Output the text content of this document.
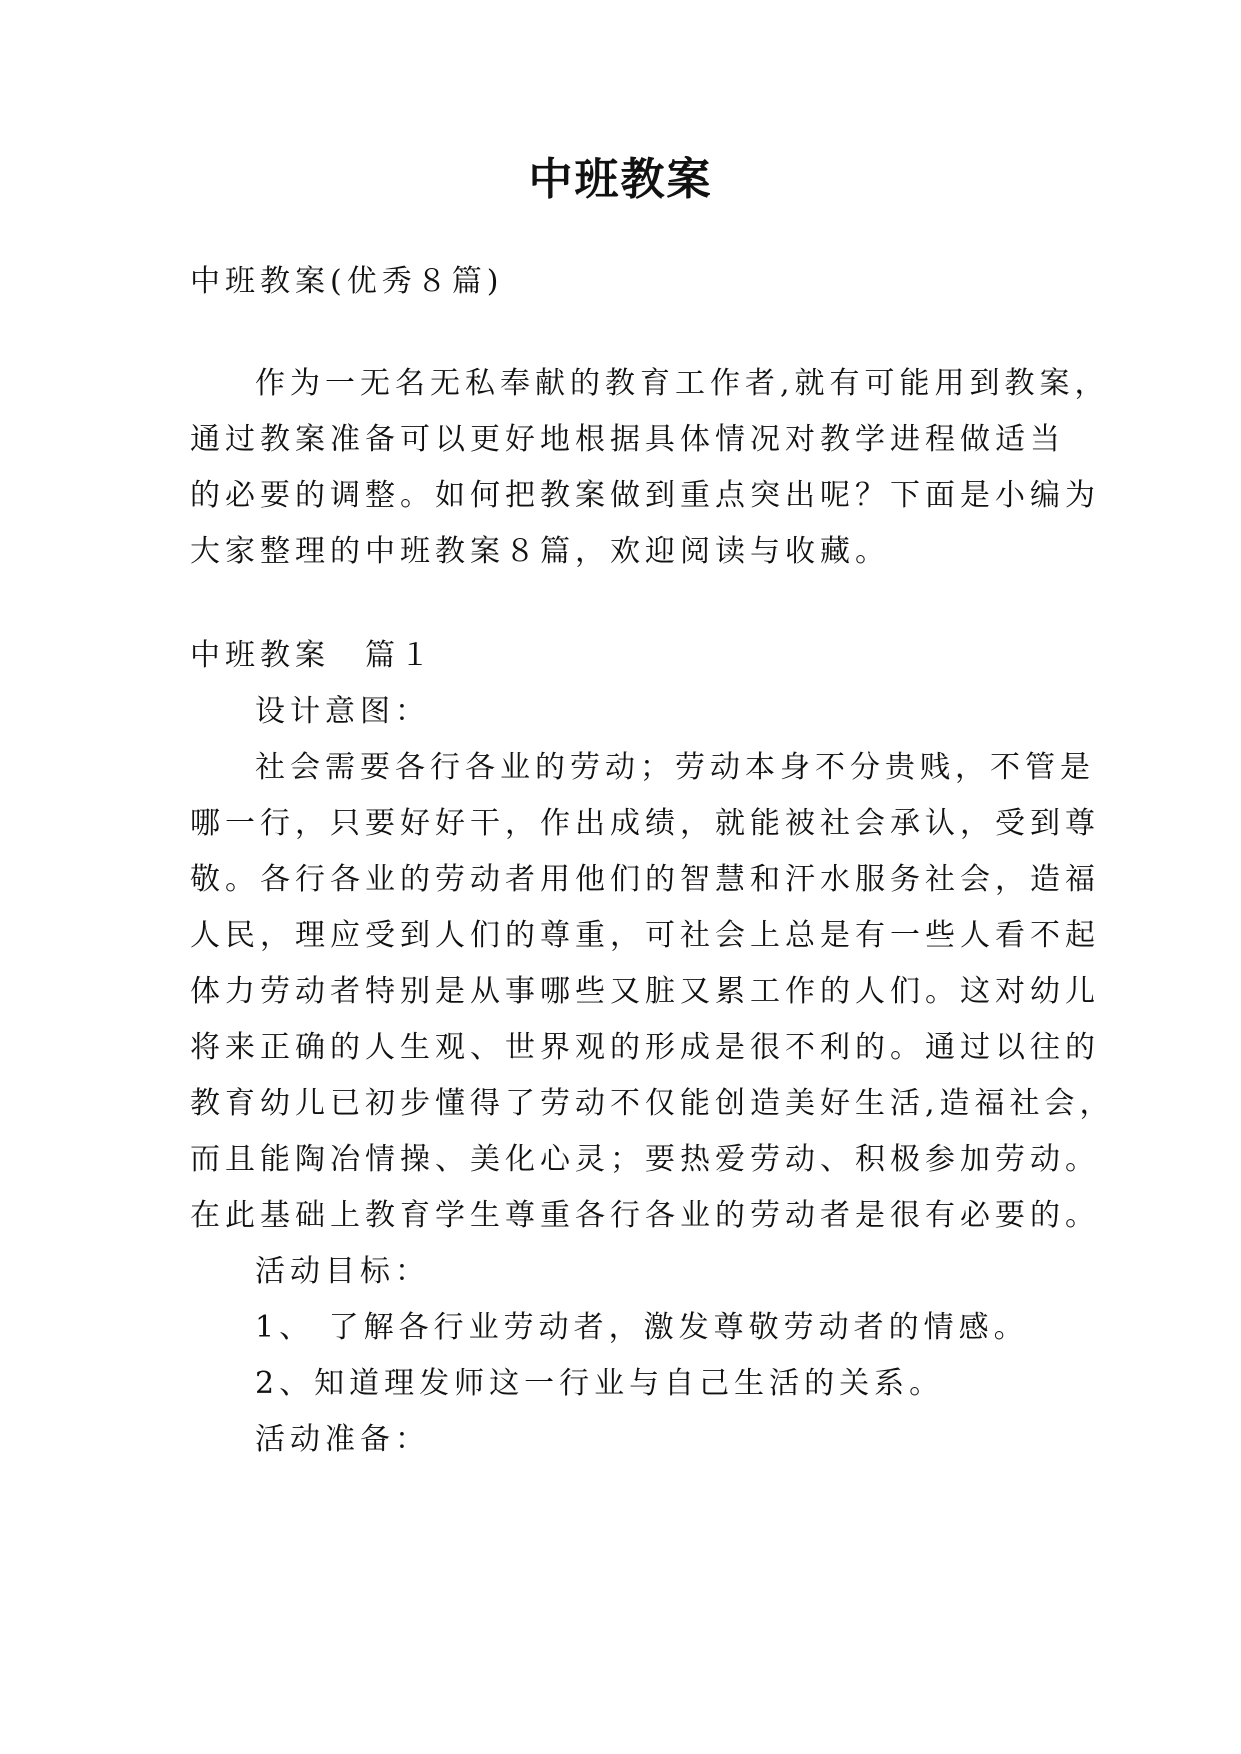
中班教案
中班教案(优秀８篇)
作为一无名无私奉献的教育工作者,就有可能用到教案，
通过教案准备可以更好地根据具体情况对教学进程做适当
的必要的调整。如何把教案做到重点突出呢？下面是小编为
大家整理的中班教案８篇，欢迎阅读与收藏。
中班教案　篇１
设计意图：
社会需要各行各业的劳动；劳动本身不分贵贱，不管是
哪一行，只要好好干，作出成绩，就能被社会承认，受到尊
敬。各行各业的劳动者用他们的智慧和汗水服务社会，造福
人民，理应受到人们的尊重，可社会上总是有一些人看不起
体力劳动者特别是从事哪些又脏又累工作的人们。这对幼儿
将来正确的人生观、世界观的形成是很不利的。通过以往的
教育幼儿已初步懂得了劳动不仅能创造美好生活,造福社会，
而且能陶冶情操、美化心灵；要热爱劳动、积极参加劳动。
在此基础上教育学生尊重各行各业的劳动者是很有必要的。
活动目标：
1、 了解各行业劳动者，激发尊敬劳动者的情感。
2、知道理发师这一行业与自己生活的关系。
活动准备：
